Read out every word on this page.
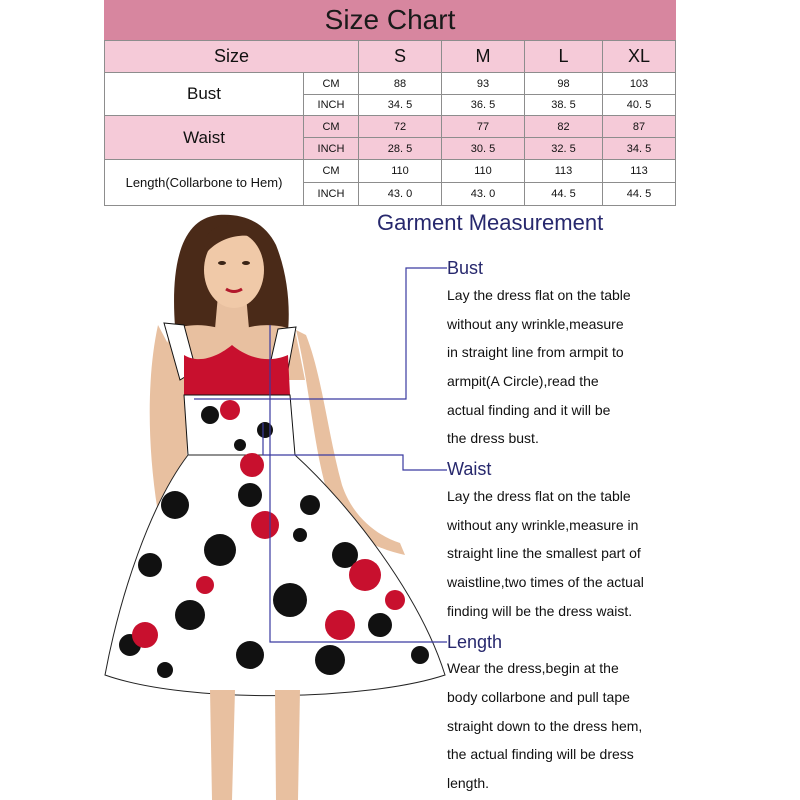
Size Chart
Size	S	M	L	XL
Bust
CM	88	93	98	103
INCH	34. 5	36. 5	38. 5	40. 5
Waist
CM	72	77	82	87
INCH	28. 5	30. 5	32. 5	34. 5
Length(Collarbone to Hem)
CM	110	110	113	113
INCH	43. 0	43. 0	44. 5	44. 5
Garment Measurement
Bust
Lay the dress flat on the table
without any wrinkle,measure
in straight line from armpit to
armpit(A Circle),read the
actual finding and it will be
the dress bust.
Waist
Lay the dress flat on the table
without any wrinkle,measure in
straight line the smallest part of
waistline,two times of the actual
finding will be the dress waist.
Length
Wear the dress,begin at the
body collarbone and pull tape
straight down to the dress hem,
the actual finding will be dress
length.
